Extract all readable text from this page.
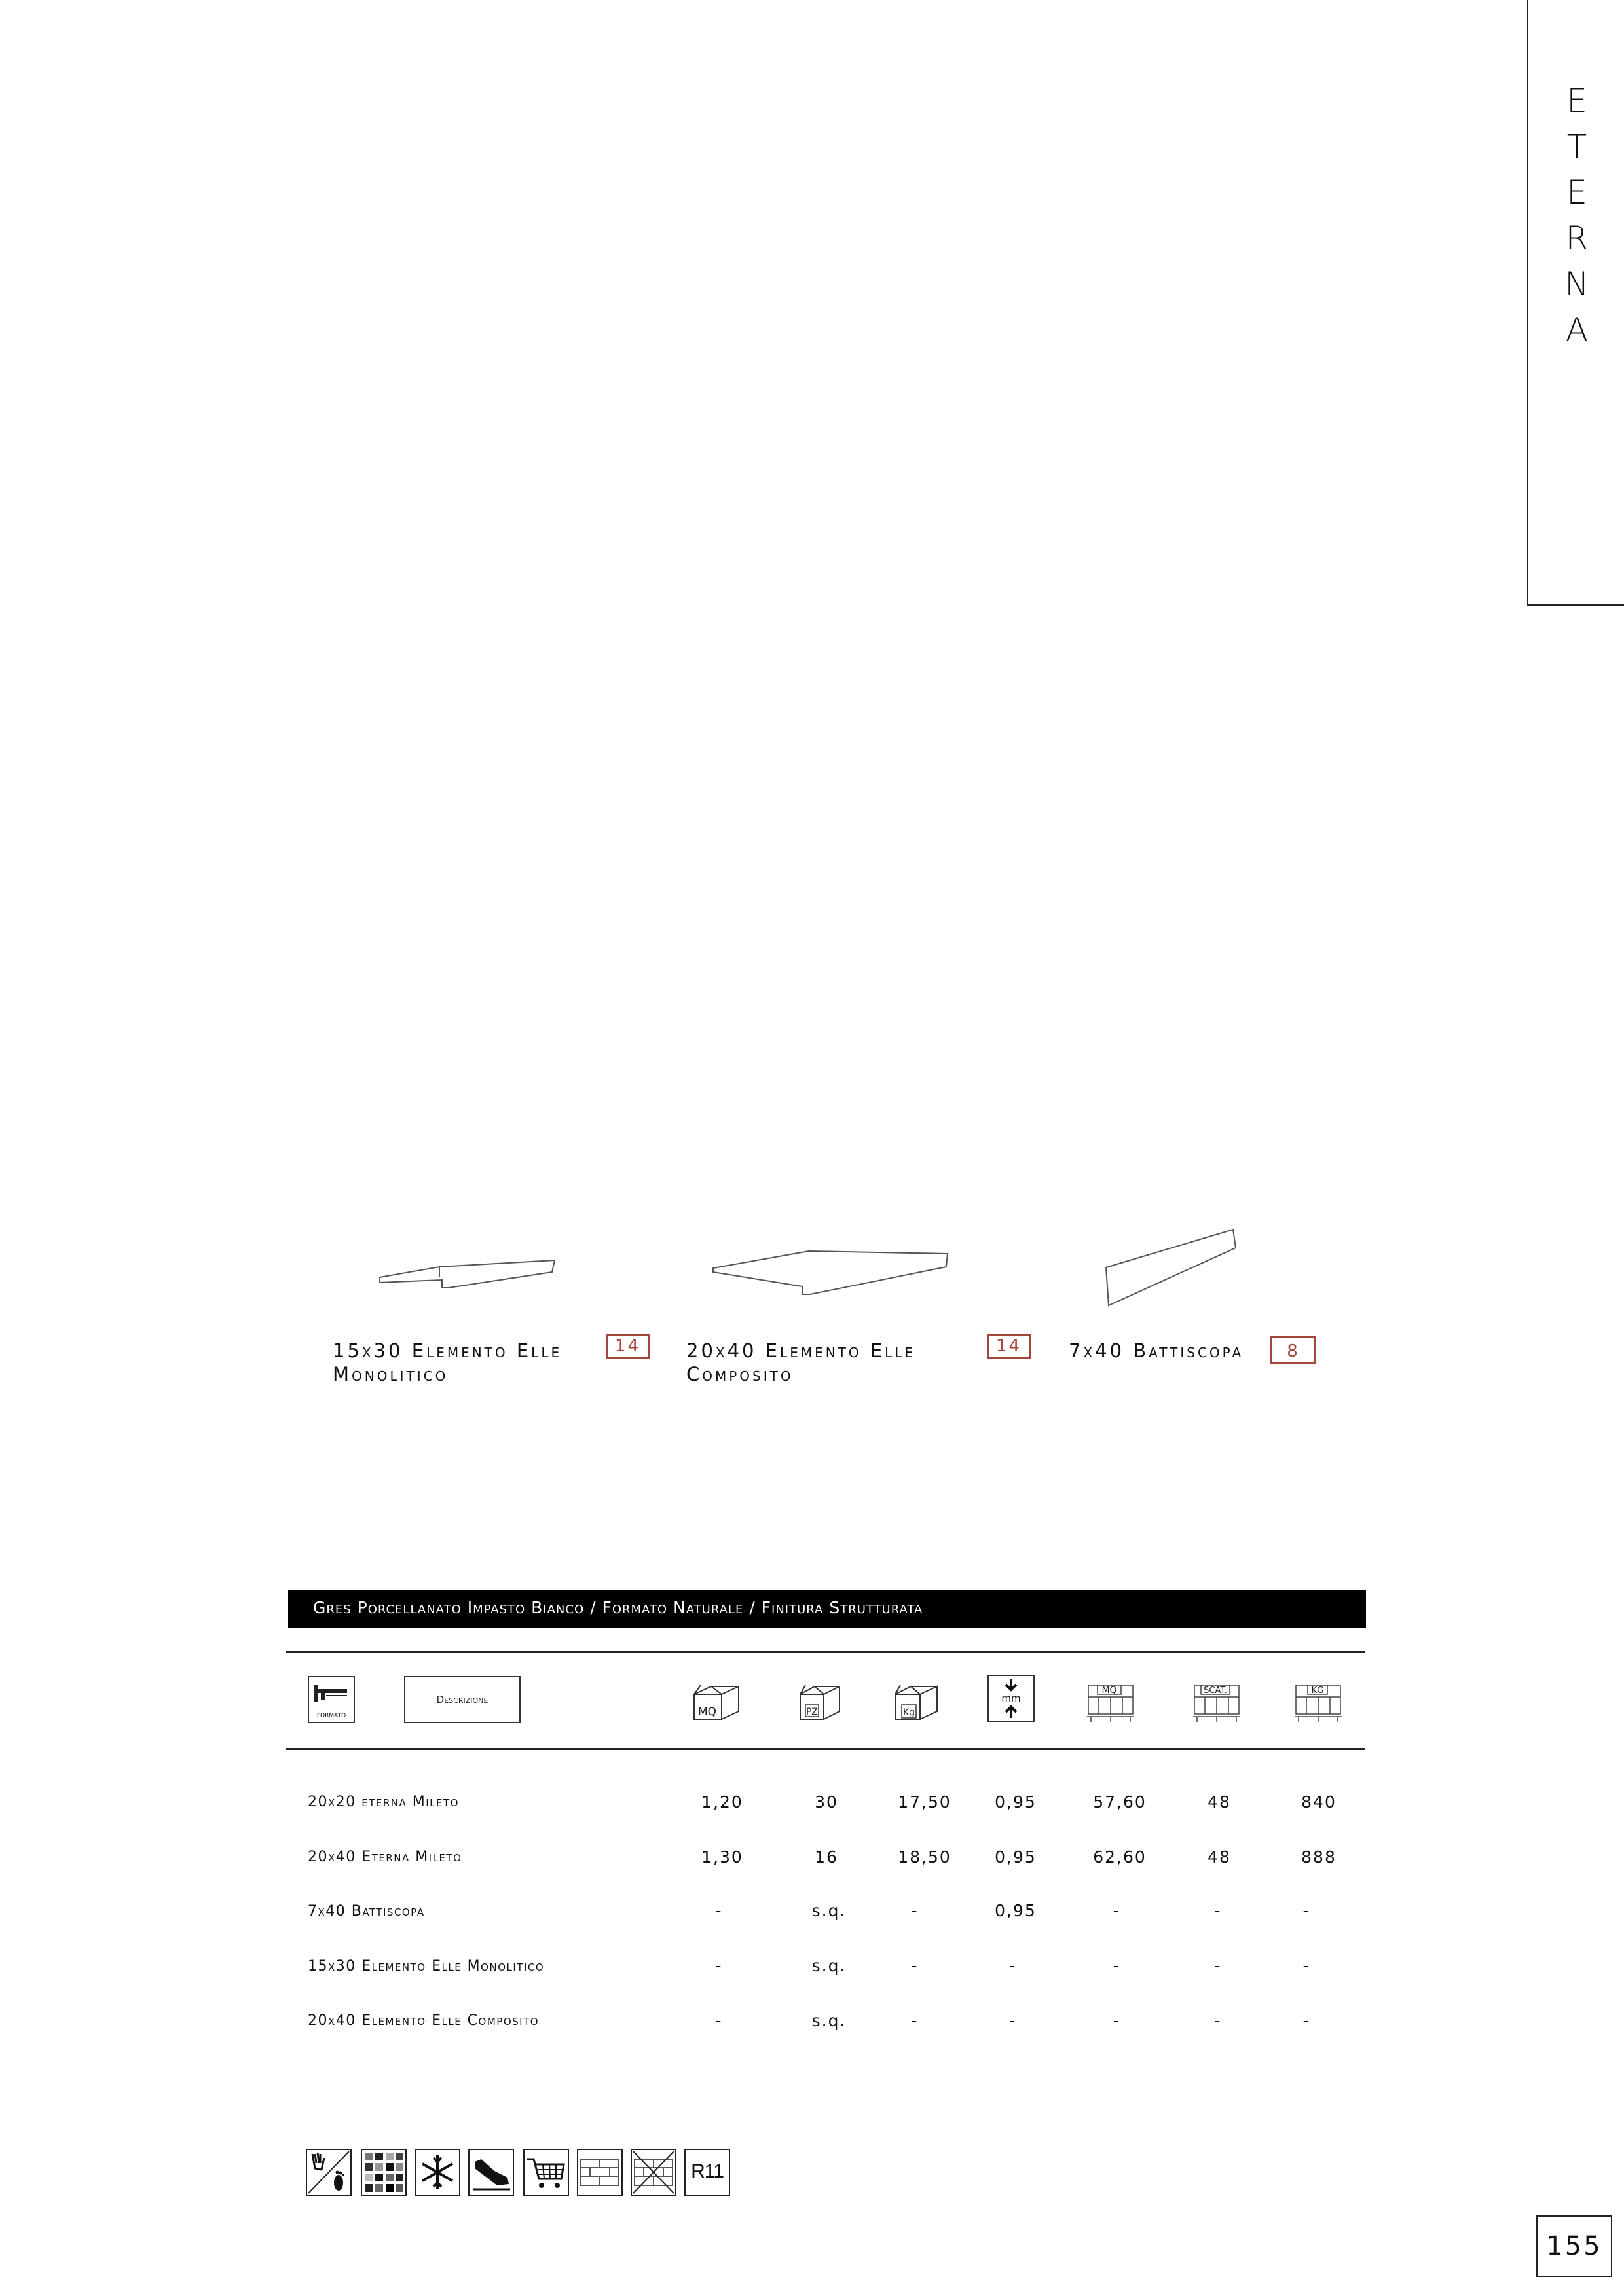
E
T
E
R
N
A
15x30 Elemento Elle
Monolitico
14	20x40 Elemento Elle
Composito
14	7x40 Battiscopa	8
Gres Porcellanato Impasto Bianco / Formato Naturale / Finitura Strutturata
FORMATO
Descrizione
MQ	PZ	Kg
mm
MQ	SCAT.	KG
20x20 eterna Mileto	1,20	30	17,50	0,95	57,60	48	840
20x40 Eterna Mileto	1,30	16	18,50	0,95	62,60	48	888
7x40 Battiscopa	-	s.q.	-	0,95	-	-	-
15x30 Elemento Elle Monolitico	-	s.q.	-	-	-	-	-
20x40 Elemento Elle Composito	-	s.q.	-	-	-	-	-
R11
155
